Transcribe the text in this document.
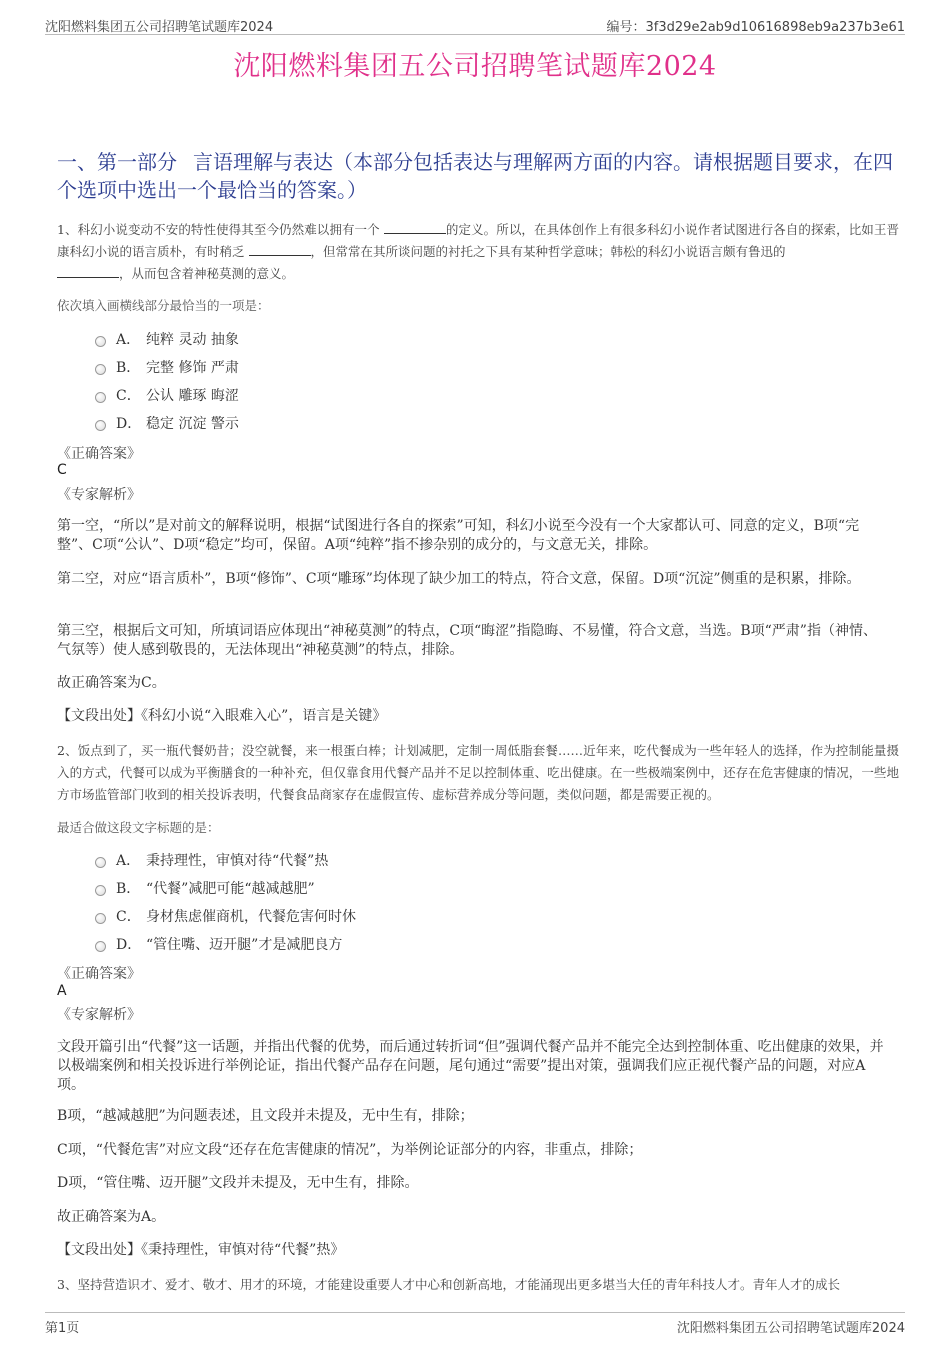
沈阳燃料集团五公司招聘笔试题库2024	编号：3f3d29e2ab9d10616898eb9a237b3e61
沈阳燃料集团五公司招聘笔试题库2024
一、第一部分 言语理解与表达（本部分包括表达与理解两方面的内容。请根据题目要求，在四个选项中选出一个最恰当的答案。）
1、科幻小说变动不安的特性使得其至今仍然难以拥有一个	的定义。所以，在具体创作上有很多科幻小说作者试图进行各自的探索，比如王晋康科幻小说的语言质朴，有时稍乏	，但常常在其所谈问题的衬托之下具有某种哲学意味；韩松的科幻小说语言颇有鲁迅的
，从而包含着神秘莫测的意义。
依次填入画横线部分最恰当的一项是：
A． 纯粹 灵动 抽象
B． 完整 修饰 严肃
C． 公认 雕琢 晦涩
D． 稳定 沉淀 警示
《正确答案》
C
《专家解析》
第一空，“所以”是对前文的解释说明，根据“试图进行各自的探索”可知，科幻小说至今没有一个大家都认可、同意的定义，B项“完整”、C项“公认”、D项“稳定”均可，保留。A项“纯粹”指不掺杂别的成分的，与文意无关，排除。
第二空，对应“语言质朴”，B项“修饰”、C项“雕琢”均体现了缺少加工的特点，符合文意，保留。D项“沉淀”侧重的是积累，排除。
第三空，根据后文可知，所填词语应体现出“神秘莫测”的特点，C项“晦涩”指隐晦、不易懂，符合文意，当选。B项“严肃”指（神情、气氛等）使人感到敬畏的，无法体现出“神秘莫测”的特点，排除。
故正确答案为C。
【文段出处】《科幻小说“入眼难入心”，语言是关键》
2、饭点到了，买一瓶代餐奶昔；没空就餐，来一根蛋白棒；计划减肥，定制一周低脂套餐……近年来，吃代餐成为一些年轻人的选择，作为控制能量摄入的方式，代餐可以成为平衡膳食的一种补充，但仅靠食用代餐产品并不足以控制体重、吃出健康。在一些极端案例中，还存在危害健康的情况，一些地方市场监管部门收到的相关投诉表明，代餐食品商家存在虚假宣传、虚标营养成分等问题，类似问题，都是需要正视的。
最适合做这段文字标题的是：
A． 秉持理性，审慎对待“代餐”热
B． “代餐”减肥可能“越减越肥”
C． 身材焦虑催商机，代餐危害何时休
D． “管住嘴、迈开腿”才是减肥良方
《正确答案》
A
《专家解析》
文段开篇引出“代餐”这一话题，并指出代餐的优势，而后通过转折词“但”强调代餐产品并不能完全达到控制体重、吃出健康的效果，并以极端案例和相关投诉进行举例论证，指出代餐产品存在问题，尾句通过“需要”提出对策，强调我们应正视代餐产品的问题，对应A项。
B项，“越减越肥”为问题表述，且文段并未提及，无中生有，排除；
C项，“代餐危害”对应文段“还存在危害健康的情况”，为举例论证部分的内容，非重点，排除；
D项，“管住嘴、迈开腿”文段并未提及，无中生有，排除。
故正确答案为A。
【文段出处】《秉持理性，审慎对待“代餐”热》
3、坚持营造识才、爱才、敬才、用才的环境，才能建设重要人才中心和创新高地，才能涌现出更多堪当大任的青年科技人才。青年人才的成长
第1页	沈阳燃料集团五公司招聘笔试题库2024
